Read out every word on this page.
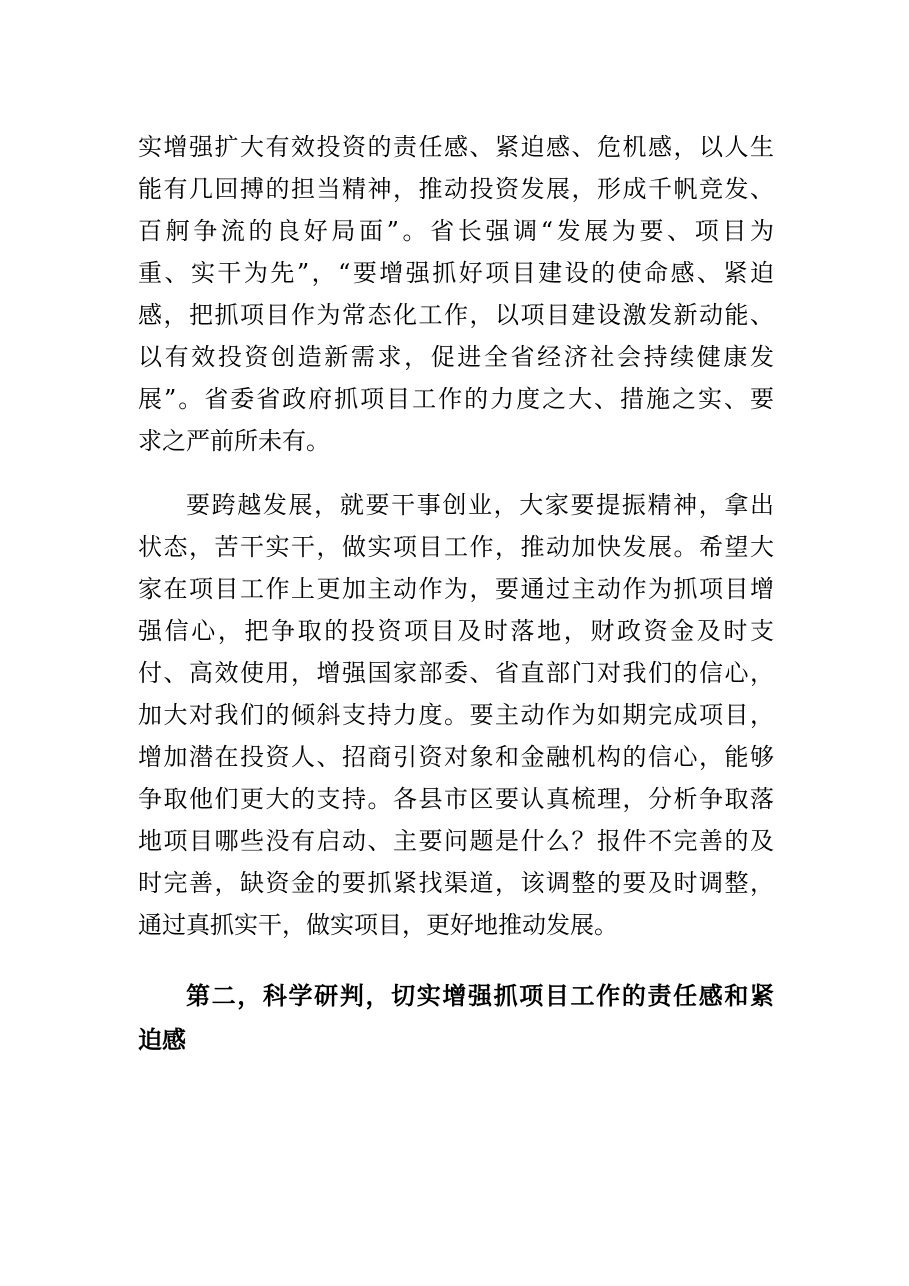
实增强扩大有效投资的责任感、紧迫感、危机感，以人生
能有几回搏的担当精神，推动投资发展，形成千帆竞发、
百舸争流的良好局面”。省长强调“发展为要、项目为
重、实干为先”，“要增强抓好项目建设的使命感、紧迫
感，把抓项目作为常态化工作，以项目建设激发新动能、
以有效投资创造新需求，促进全省经济社会持续健康发
展”。省委省政府抓项目工作的力度之大、措施之实、要
求之严前所未有。
要跨越发展，就要干事创业，大家要提振精神，拿出
状态，苦干实干，做实项目工作，推动加快发展。希望大
家在项目工作上更加主动作为，要通过主动作为抓项目增
强信心，把争取的投资项目及时落地，财政资金及时支
付、高效使用，增强国家部委、省直部门对我们的信心，
加大对我们的倾斜支持力度。要主动作为如期完成项目，
增加潜在投资人、招商引资对象和金融机构的信心，能够
争取他们更大的支持。各县市区要认真梳理，分析争取落
地项目哪些没有启动、主要问题是什么？报件不完善的及
时完善，缺资金的要抓紧找渠道，该调整的要及时调整，
通过真抓实干，做实项目，更好地推动发展。
第二，科学研判，切实增强抓项目工作的责任感和紧
迫感
